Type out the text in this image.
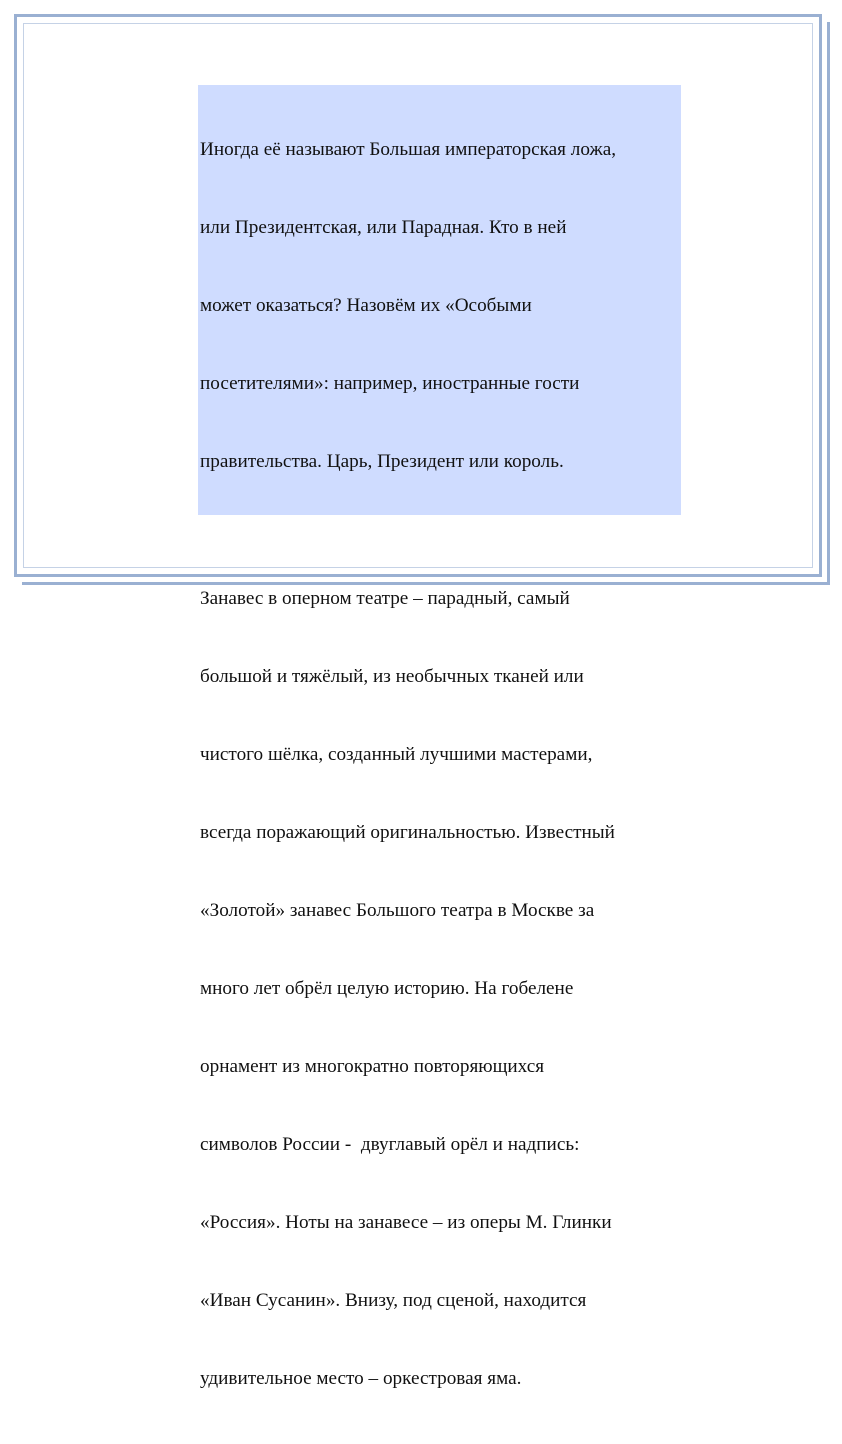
Иногда её называют Большая императорская ложа,

или Президентская, или Парадная. Кто в ней

может оказаться? Назовём их «Особыми

посетителями»: например, иностранные гости

правительства. Царь, Президент или король.

Занавес в оперном театре – парадный, самый

большой и тяжёлый, из необычных тканей или

чистого шёлка, созданный лучшими мастерами,

всегда поражающий оригинальностью. Известный

«Золотой» занавес Большого театра в Москве за

много лет обрёл целую историю. На гобелене

орнамент из многократно повторяющихся

символов России -  двуглавый орёл и надпись:

«Россия». Ноты на занавесе – из оперы М. Глинки

«Иван Сусанин». Внизу, под сценой, находится

удивительное место – оркестровая яма.
